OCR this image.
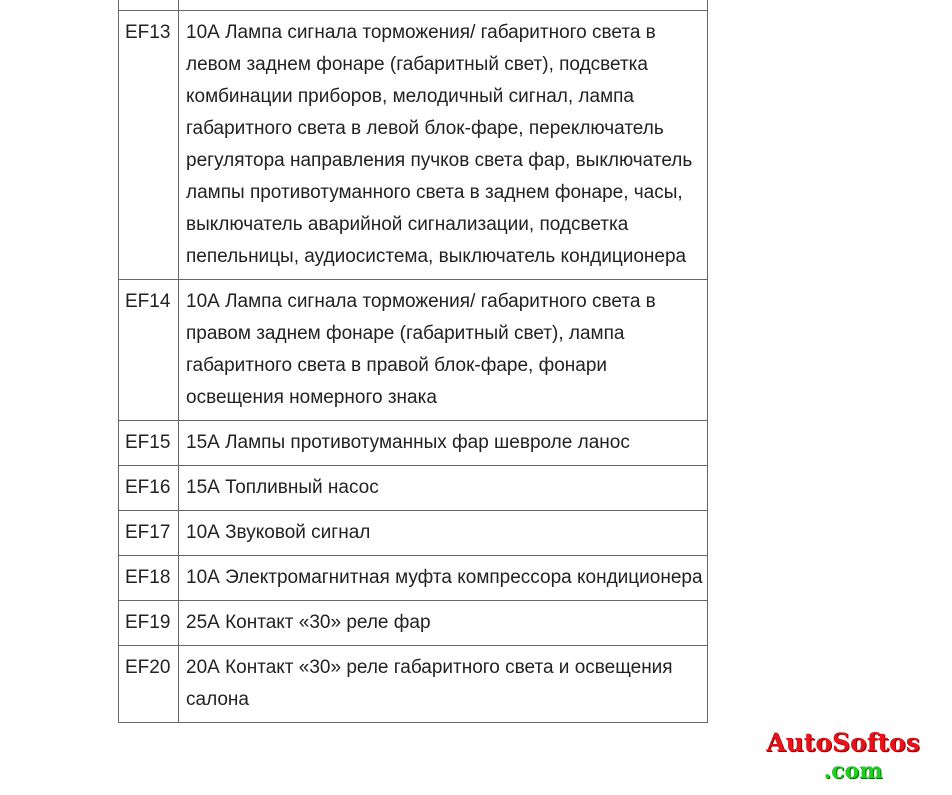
EF13	10А Лампа сигнала торможения/ габаритного света в левом заднем фонаре (габаритный свет), подсветка комбинации приборов, мелодичный сигнал, лампа габаритного света в левой блок-фаре, переключатель регулятора направления пучков света фар, выключатель лампы противотуманного света в заднем фонаре, часы, выключатель аварийной сигнализации, подсветка пепельницы, аудиосистема, выключатель кондиционера
EF14	10А Лампа сигнала торможения/ габаритного света в правом заднем фонаре (габаритный свет), лампа габаритного света в правой блок-фаре, фонари освещения номерного знака
EF15	15А Лампы противотуманных фар шевроле ланос
EF16	15А Топливный насос
EF17	10А Звуковой сигнал
EF18	10А Электромагнитная муфта компрессора кондиционера
EF19	25А Контакт «30» реле фар
EF20	20А Контакт «30» реле габаритного света и освещения салона
AutoSoftos
.com
